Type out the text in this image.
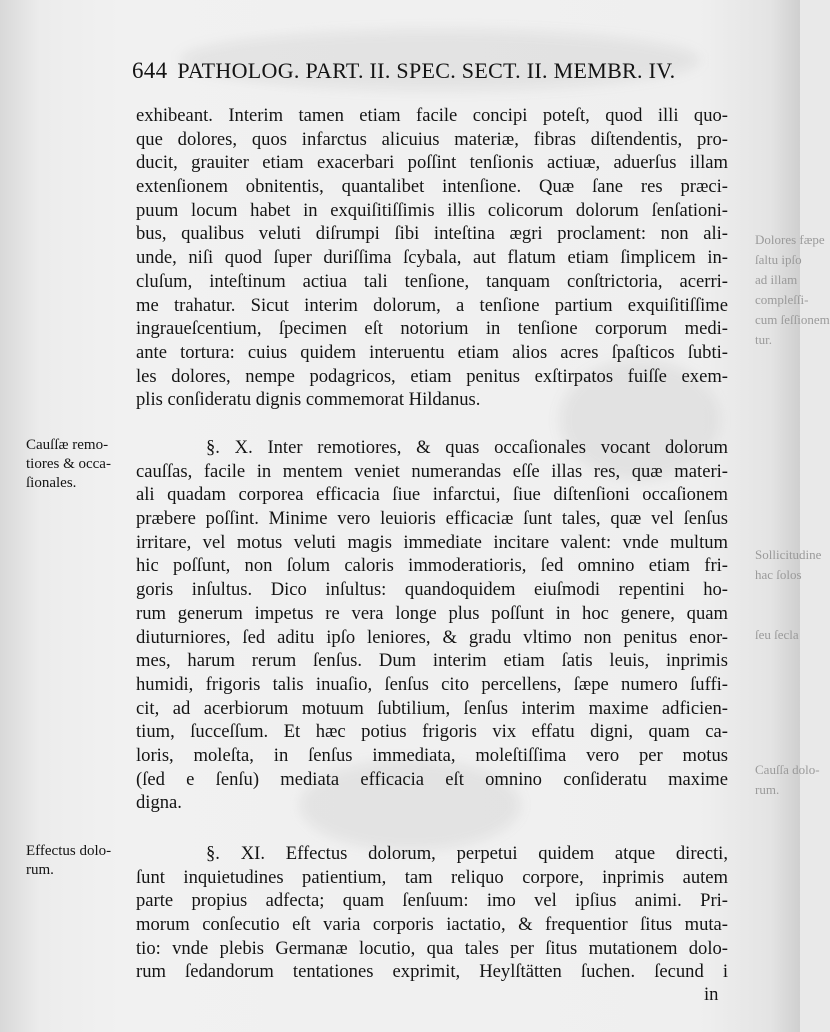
644 PATHOLOG. PART. II. SPEC. SECT. II. MEMBR. IV.
Dolores fæpe
ſaltu ipſo
ad illam
compleſſi-
cum ſeſſionem
tur.
Sollicitudine
hac ſolos
ſeu ſecla
Cauſſa dolo-
rum.
exhibeant. Interim tamen etiam facile concipi poteſt, quod illi quo-
que dolores, quos infarctus alicuius materiæ, fibras diſtendentis, pro-
ducit, grauiter etiam exacerbari poſſint tenſionis actiuæ, aduerſus illam
extenſionem obnitentis, quantalibet intenſione. Quæ ſane res præci-
puum locum habet in exquiſitiſſimis illis colicorum dolorum ſenſationi-
bus, qualibus veluti diſrumpi ſibi inteſtina ægri proclament: non ali-
unde, niſi quod ſuper duriſſima ſcybala, aut flatum etiam ſimplicem in-
cluſum, inteſtinum actiua tali tenſione, tanquam conſtrictoria, acerri-
me trahatur. Sicut interim dolorum, a tenſione partium exquiſitiſſime
ingraueſcentium, ſpecimen eſt notorium in tenſione corporum medi-
ante tortura: cuius quidem interuentu etiam alios acres ſpaſticos ſubti-
les dolores, nempe podagricos, etiam penitus exſtirpatos fuiſſe exem-
plis conſideratu dignis commemorat Hildanus.
Cauſſæ remo-
tiores & occa-
ſionales.
§. X. Inter remotiores, & quas occaſionales vocant dolorum
cauſſas, facile in mentem veniet numerandas eſſe illas res, quæ materi-
ali quadam corporea efficacia ſiue infarctui, ſiue diſtenſioni occaſionem
præbere poſſint. Minime vero leuioris efficaciæ ſunt tales, quæ vel ſenſus
irritare, vel motus veluti magis immediate incitare valent: vnde multum
hic poſſunt, non ſolum caloris immoderatioris, ſed omnino etiam fri-
goris inſultus. Dico inſultus: quandoquidem eiuſmodi repentini ho-
rum generum impetus re vera longe plus poſſunt in hoc genere, quam
diuturniores, ſed aditu ipſo leniores, & gradu vltimo non penitus enor-
mes, harum rerum ſenſus. Dum interim etiam ſatis leuis, inprimis
humidi, frigoris talis inuaſio, ſenſus cito percellens, ſæpe numero ſuffi-
cit, ad acerbiorum motuum ſubtilium, ſenſus interim maxime adficien-
tium, ſucceſſum. Et hæc potius frigoris vix effatu digni, quam ca-
loris, moleſta, in ſenſus immediata, moleſtiſſima vero per motus
(ſed e ſenſu) mediata efficacia eſt omnino conſideratu maxime
digna.
Effectus dolo-
rum.
§. XI. Effectus dolorum, perpetui quidem atque directi,
ſunt inquietudines patientium, tam reliquo corpore, inprimis autem
parte propius adfecta; quam ſenſuum: imo vel ipſius animi. Pri-
morum conſecutio eſt varia corporis iactatio, & frequentior ſitus muta-
tio: vnde plebis Germanæ locutio, qua tales per ſitus mutationem dolo-
rum ſedandorum tentationes exprimit, Heylſtätten ſuchen. ſecund i
in
